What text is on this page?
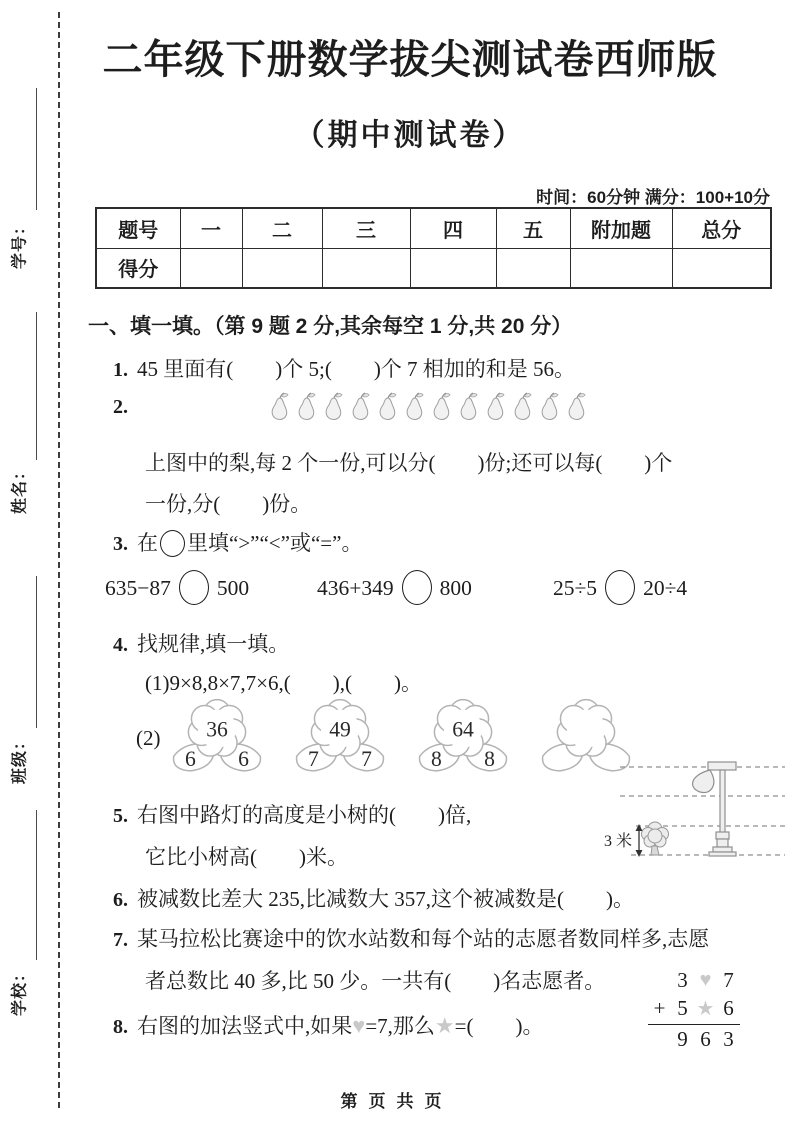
学号：
姓名：
班级：
学校：
二年级下册数学拔尖测试卷西师版
（期中测试卷）
时间：60分钟 满分：100+10分
题号	一	二	三	四	五	附加题	总分
得分							
一、填一填。（第 9 题 2 分,其余每空 1 分,共 20 分）
1. 45 里面有(　　)个 5;(　　)个 7 相加的和是 56。
2.
上图中的梨,每 2 个一份,可以分(　　)份;还可以每(　　)个
一份,分(　　)份。
3. 在 里填“>”“<”或“=”。
635−87 500	436+349 800	25÷5 20÷4
4. 找规律,填一填。
(1)9×8,8×7,7×6,(　　),(　　)。
(2) 36
6 6
49
7 7
64
8 8
5. 右图中路灯的高度是小树的(　　)倍,
它比小树高(　　)米。
3 米
6. 被减数比差大 235,比减数大 357,这个被减数是(　　)。
7. 某马拉松比赛途中的饮水站数和每个站的志愿者数同样多,志愿
者总数比 40 多,比 50 少。一共有(　　)名志愿者。
8. 右图的加法竖式中,如果♥=7,那么★=(　　)。
3 ♥ 7
+ 5 ★ 6
9 6 3
第页共页
